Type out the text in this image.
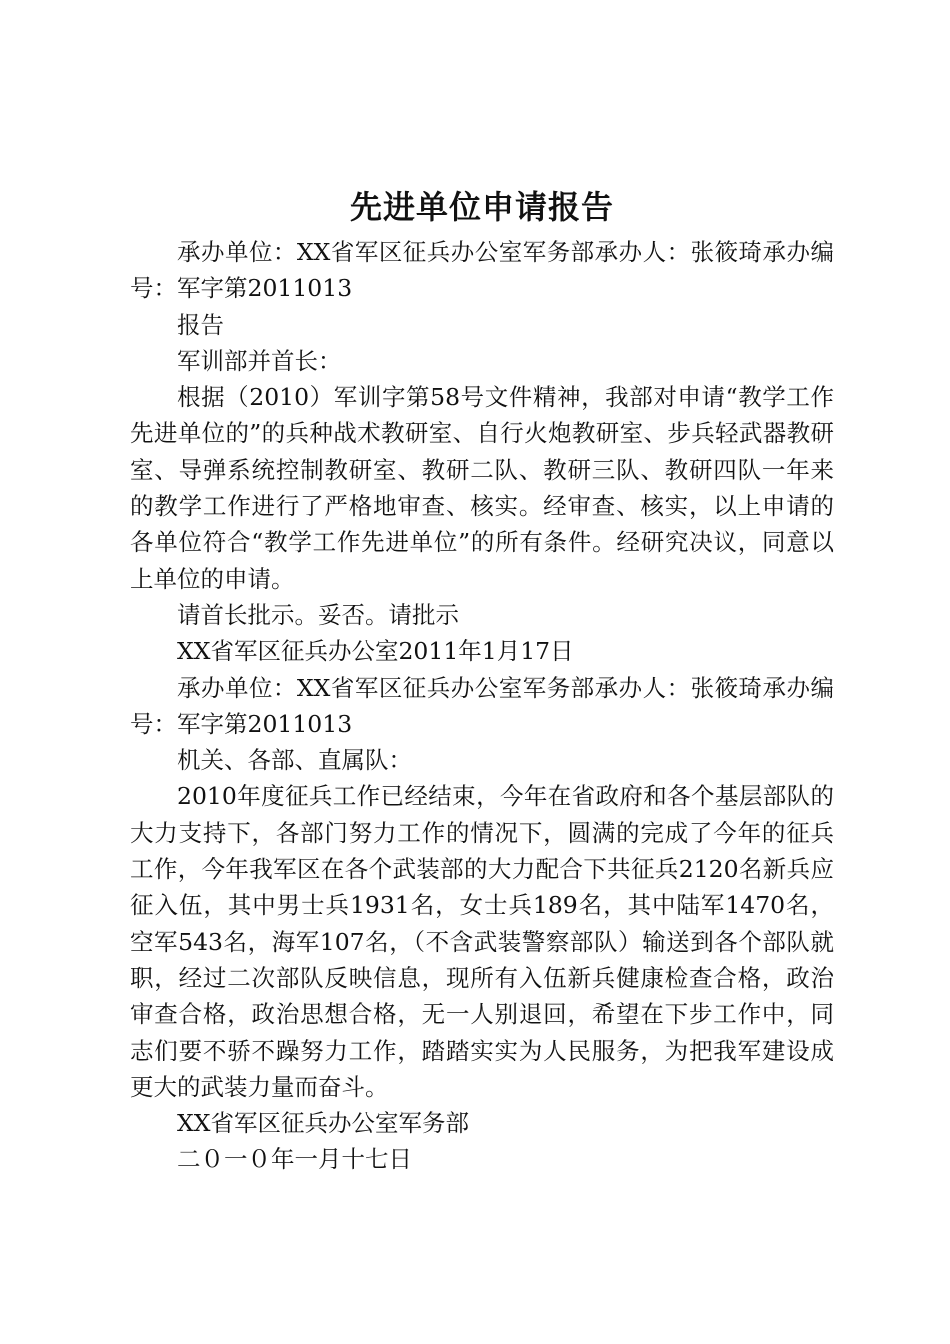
先进单位申请报告

承办单位：XX省军区征兵办公室军务部承办人：张筱琦承办编号：军字第2011013

报告

军训部并首长：

根据（2010）军训字第58号文件精神，我部对申请“教学工作先进单位的”的兵种战术教研室、自行火炮教研室、步兵轻武器教研室、导弹系统控制教研室、教研二队、教研三队、教研四队一年来的教学工作进行了严格地审查、核实。经审查、核实，以上申请的各单位符合“教学工作先进单位”的所有条件。经研究决议，同意以上单位的申请。

请首长批示。妥否。请批示

XX省军区征兵办公室2011年1月17日

承办单位：XX省军区征兵办公室军务部承办人：张筱琦承办编号：军字第2011013

机关、各部、直属队：

2010年度征兵工作已经结束，今年在省政府和各个基层部队的大力支持下，各部门努力工作的情况下，圆满的完成了今年的征兵工作，今年我军区在各个武装部的大力配合下共征兵2120名新兵应征入伍，其中男士兵1931名，女士兵189名，其中陆军1470名，空军543名，海军107名，（不含武装警察部队）输送到各个部队就职，经过二次部队反映信息，现所有入伍新兵健康检查合格，政治审查合格，政治思想合格，无一人别退回，希望在下步工作中，同志们要不骄不躁努力工作，踏踏实实为人民服务，为把我军建设成更大的武装力量而奋斗。

XX省军区征兵办公室军务部

二０一０年一月十七日
